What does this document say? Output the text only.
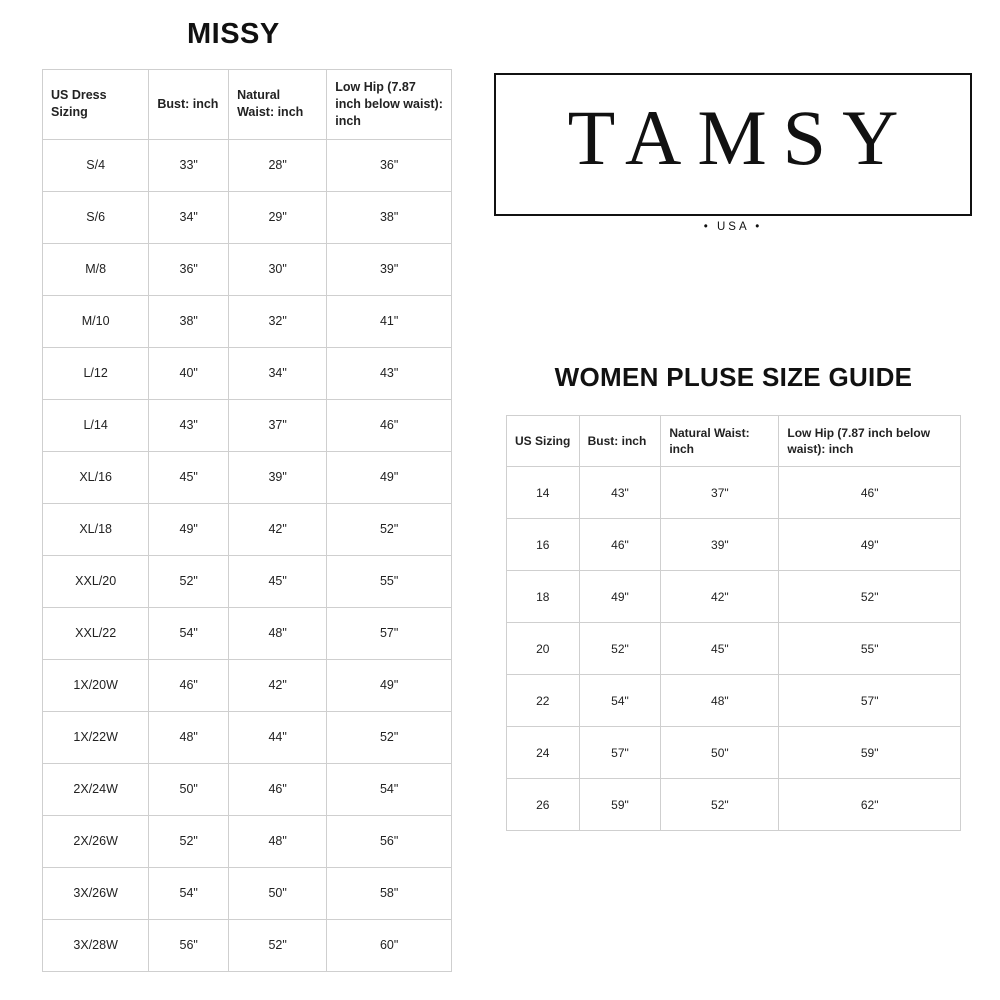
MISSY
US Dress Sizing	Bust: inch	Natural Waist: inch	Low Hip (7.87 inch below waist): inch
S/4	33"	28"	36"
S/6	34"	29"	38"
M/8	36"	30"	39"
M/10	38"	32"	41"
L/12	40"	34"	43"
L/14	43"	37"	46"
XL/16	45"	39"	49"
XL/18	49"	42"	52"
XXL/20	52"	45"	55"
XXL/22	54"	48"	57"
1X/20W	46"	42"	49"
1X/22W	48"	44"	52"
2X/24W	50"	46"	54"
2X/26W	52"	48"	56"
3X/26W	54"	50"	58"
3X/28W	56"	52"	60"
TAMSY
• USA •
WOMEN PLUSE SIZE GUIDE
US Sizing	Bust: inch	Natural Waist: inch	Low Hip (7.87 inch below waist): inch
14	43"	37"	46"
16	46"	39"	49"
18	49"	42"	52"
20	52"	45"	55"
22	54"	48"	57"
24	57"	50"	59"
26	59"	52"	62"
